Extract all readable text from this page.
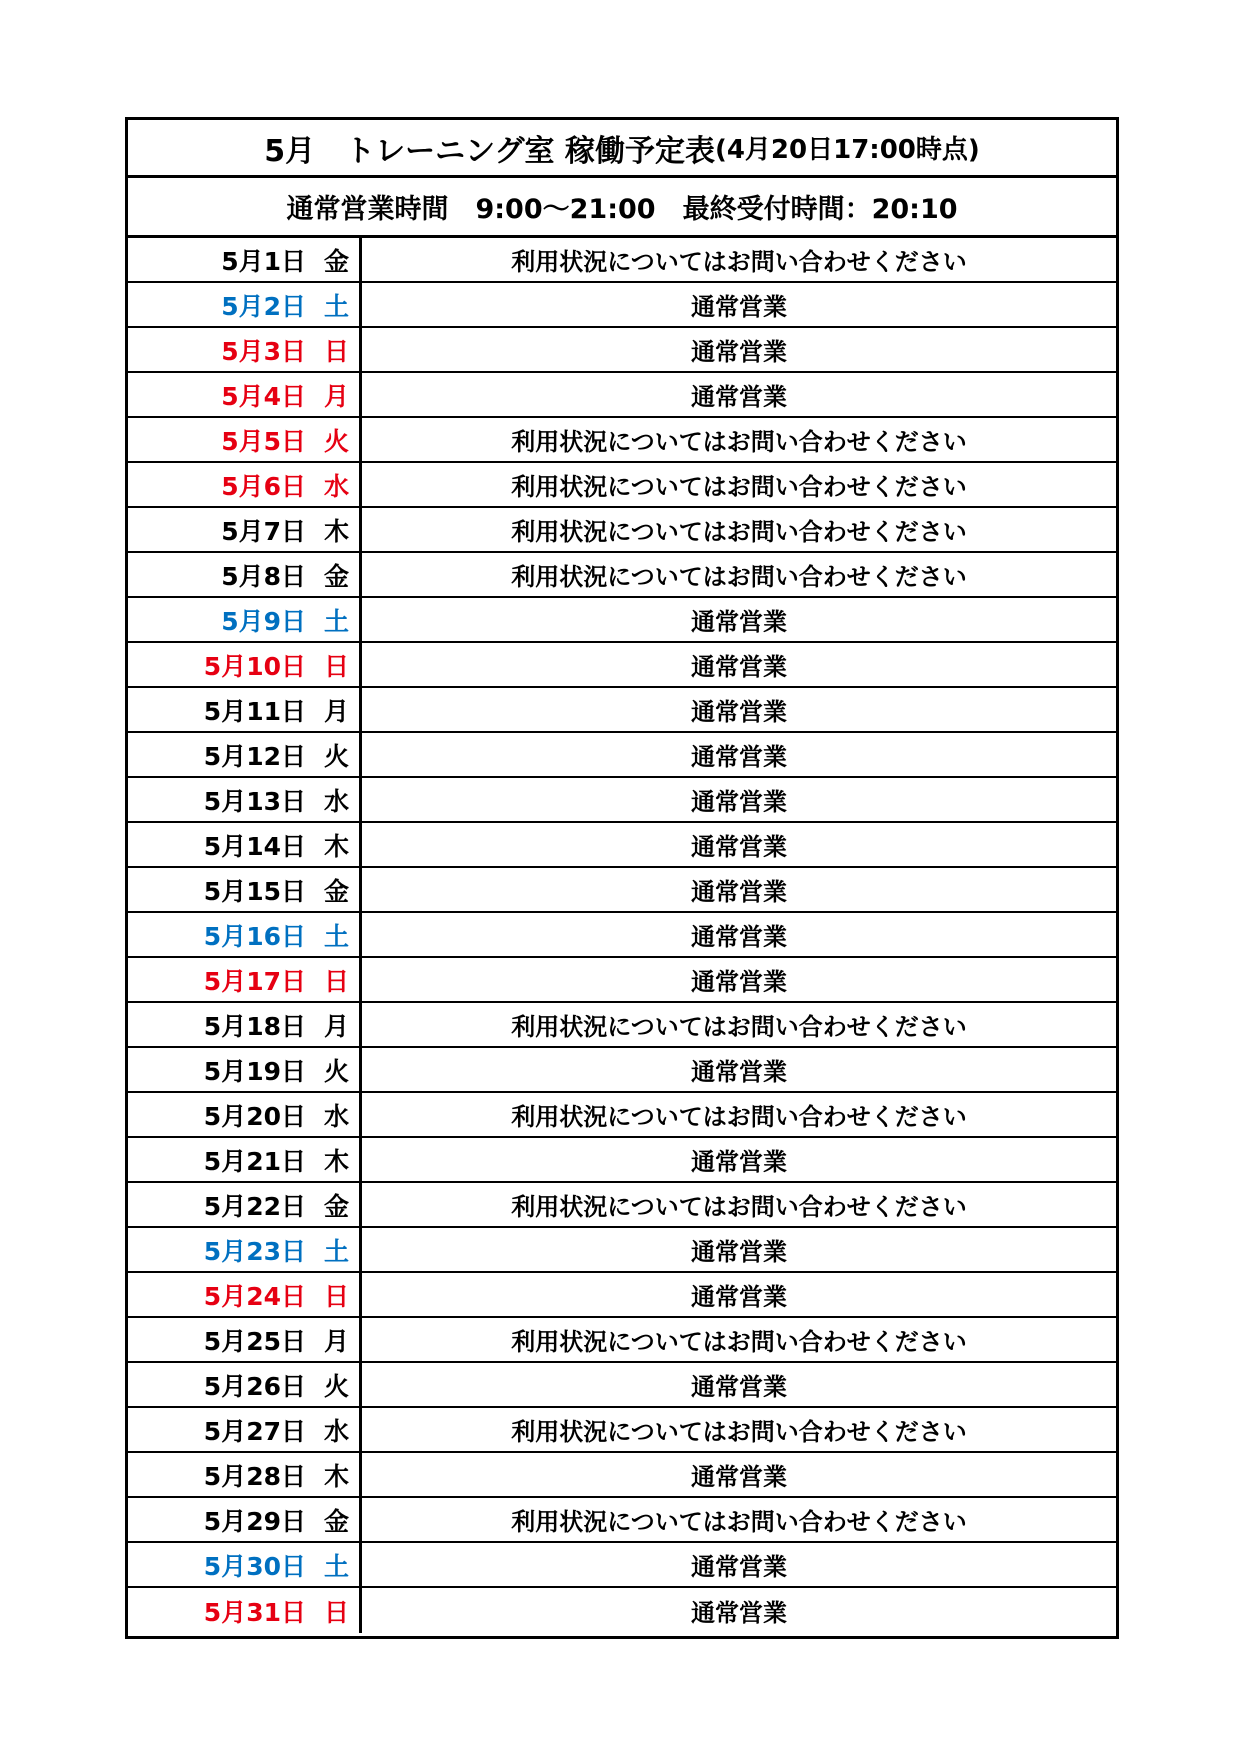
5月　トレーニング室 稼働予定表 (4月20日17:00時点)
通常営業時間　9:00～21:00　最終受付時間：20:10
5月1日 金	利用状況についてはお問い合わせください
5月2日 土	通常営業
5月3日 日	通常営業
5月4日 月	通常営業
5月5日 火	利用状況についてはお問い合わせください
5月6日 水	利用状況についてはお問い合わせください
5月7日 木	利用状況についてはお問い合わせください
5月8日 金	利用状況についてはお問い合わせください
5月9日 土	通常営業
5月10日 日	通常営業
5月11日 月	通常営業
5月12日 火	通常営業
5月13日 水	通常営業
5月14日 木	通常営業
5月15日 金	通常営業
5月16日 土	通常営業
5月17日 日	通常営業
5月18日 月	利用状況についてはお問い合わせください
5月19日 火	通常営業
5月20日 水	利用状況についてはお問い合わせください
5月21日 木	通常営業
5月22日 金	利用状況についてはお問い合わせください
5月23日 土	通常営業
5月24日 日	通常営業
5月25日 月	利用状況についてはお問い合わせください
5月26日 火	通常営業
5月27日 水	利用状況についてはお問い合わせください
5月28日 木	通常営業
5月29日 金	利用状況についてはお問い合わせください
5月30日 土	通常営業
5月31日 日	通常営業
